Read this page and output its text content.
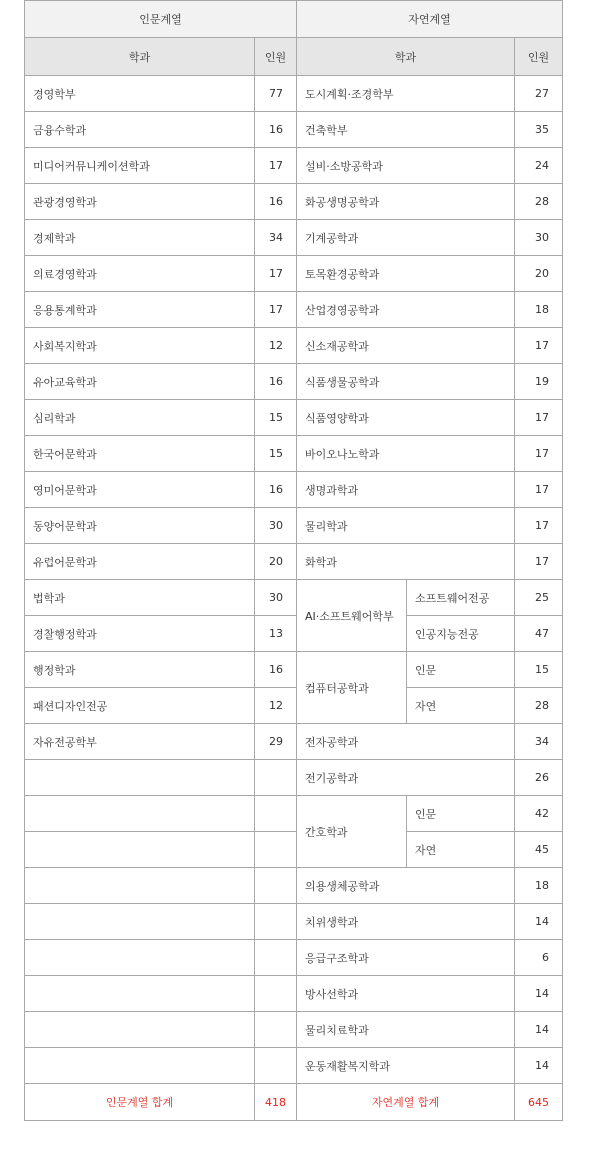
인문계열		자연계열		
학과	인원	학과		인원
경영학부	77	도시계획·조경학부		27
금융수학과	16	건축학부		35
미디어커뮤니케이션학과	17	설비·소방공학과		24
관광경영학과	16	화공생명공학과		28
경제학과	34	기계공학과		30
의료경영학과	17	토목환경공학과		20
응용통계학과	17	산업경영공학과		18
사회복지학과	12	신소재공학과		17
유아교육학과	16	식품생물공학과		19
심리학과	15	식품영양학과		17
한국어문학과	15	바이오나노학과		17
영미어문학과	16	생명과학과		17
동양어문학과	30	물리학과		17
유럽어문학과	20	화학과		17
법학과	30	AI·소프트웨어학부	소프트웨어전공	25
경찰행정학과	13		인공지능전공	47
행정학과	16	컴퓨터공학과	인문	15
패션디자인전공	12		자연	28
자유전공학부	29	전자공학과		34
		전기공학과		26
		간호학과	인문	42
			자연	45
		의용생체공학과		18
		치위생학과		14
		응급구조학과		6
		방사선학과		14
		물리치료학과		14
		운동재활복지학과		14
인문계열 합계	418	자연계열 합계		645
